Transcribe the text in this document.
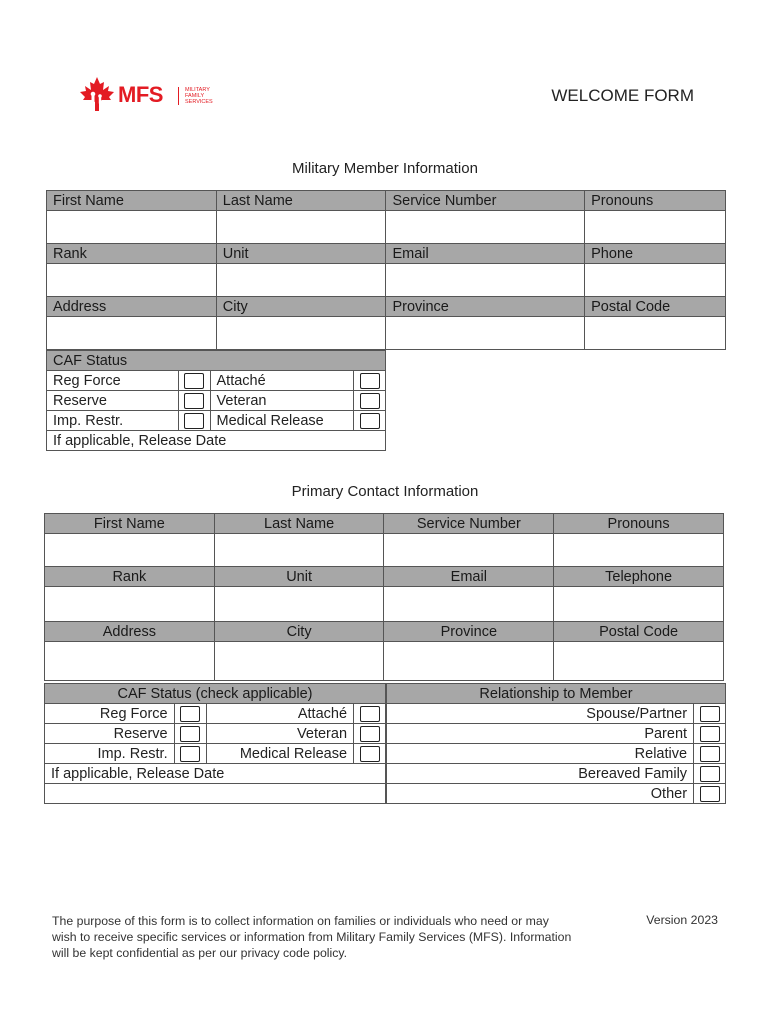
MFS	MILITARY
FAMILY
SERVICES	WELCOME FORM
Military Member Information
First Name	Last Name	Service Number	Pronouns

Rank	Unit	Email	Phone

Address	City	Province	Postal Code

CAF Status			
Reg Force		Attaché	
Reserve		Veteran	
Imp. Restr.		Medical Release	
If applicable, Release Date			
Primary Contact Information
First Name	Last Name	Service Number	Pronouns

Rank	Unit	Email	Telephone

Address	City	Province	Postal Code

CAF Status (check applicable)			
Reg Force		Attaché	
Reserve		Veteran	
Imp. Restr.		Medical Release	
If applicable, Release Date			

Relationship to Member	
Spouse/Partner	
Parent	
Relative	
Bereaved Family	
Other	
The purpose of this form is to collect information on families or individuals who need or may wish to receive specific services or information from Military Family Services (MFS). Information will be kept confidential as per our privacy code policy.
Version 2023
